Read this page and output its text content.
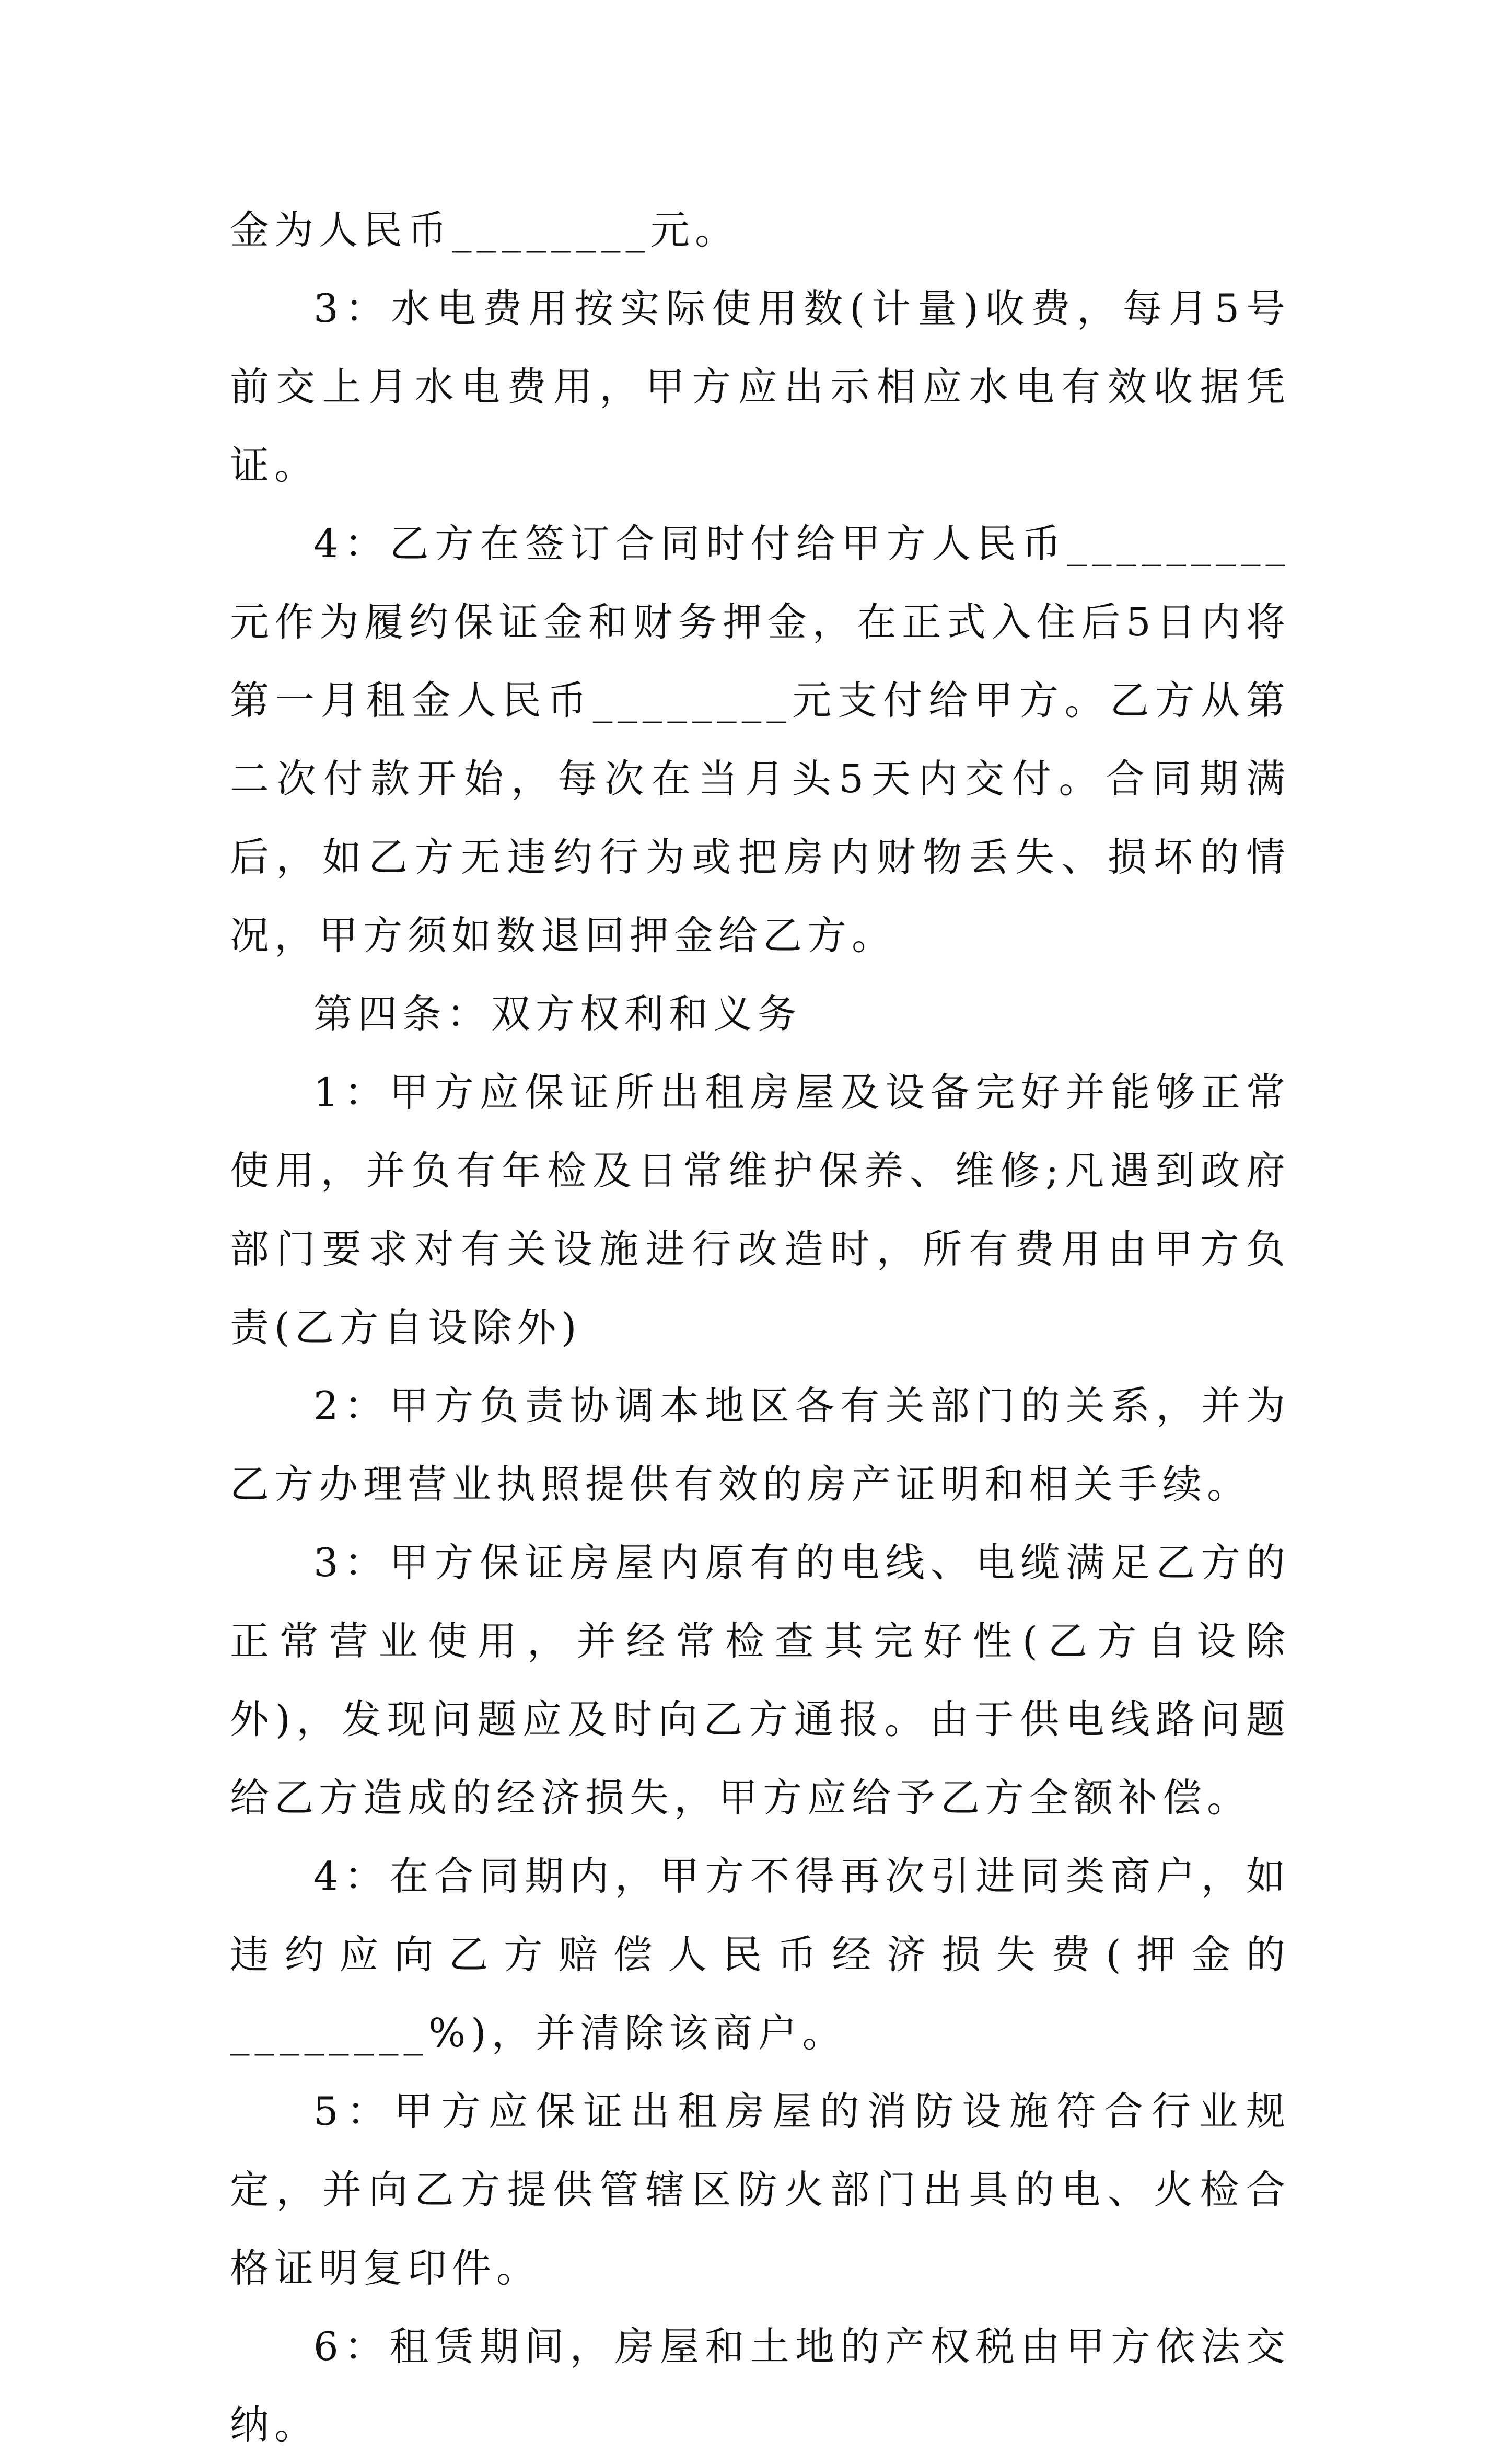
金为人民币________元。

3：水电费用按实际使用数(计量)收费，每月5号前交上月水电费用，甲方应出示相应水电有效收据凭证。

4：乙方在签订合同时付给甲方人民币_________元作为履约保证金和财务押金，在正式入住后5日内将第一月租金人民币________元支付给甲方。乙方从第二次付款开始，每次在当月头5天内交付。合同期满后，如乙方无违约行为或把房内财物丢失、损坏的情况，甲方须如数退回押金给乙方。

第四条：双方权利和义务

1：甲方应保证所出租房屋及设备完好并能够正常使用，并负有年检及日常维护保养、维修;凡遇到政府部门要求对有关设施进行改造时，所有费用由甲方负责(乙方自设除外)

2：甲方负责协调本地区各有关部门的关系，并为乙方办理营业执照提供有效的房产证明和相关手续。

3：甲方保证房屋内原有的电线、电缆满足乙方的正常营业使用，并经常检查其完好性(乙方自设除外)，发现问题应及时向乙方通报。由于供电线路问题给乙方造成的经济损失，甲方应给予乙方全额补偿。

4：在合同期内，甲方不得再次引进同类商户，如违约应向乙方赔偿人民币经济损失费(押金的________%)，并清除该商户。

5：甲方应保证出租房屋的消防设施符合行业规定，并向乙方提供管辖区防火部门出具的电、火检合格证明复印件。

6：租赁期间，房屋和土地的产权税由甲方依法交纳。
